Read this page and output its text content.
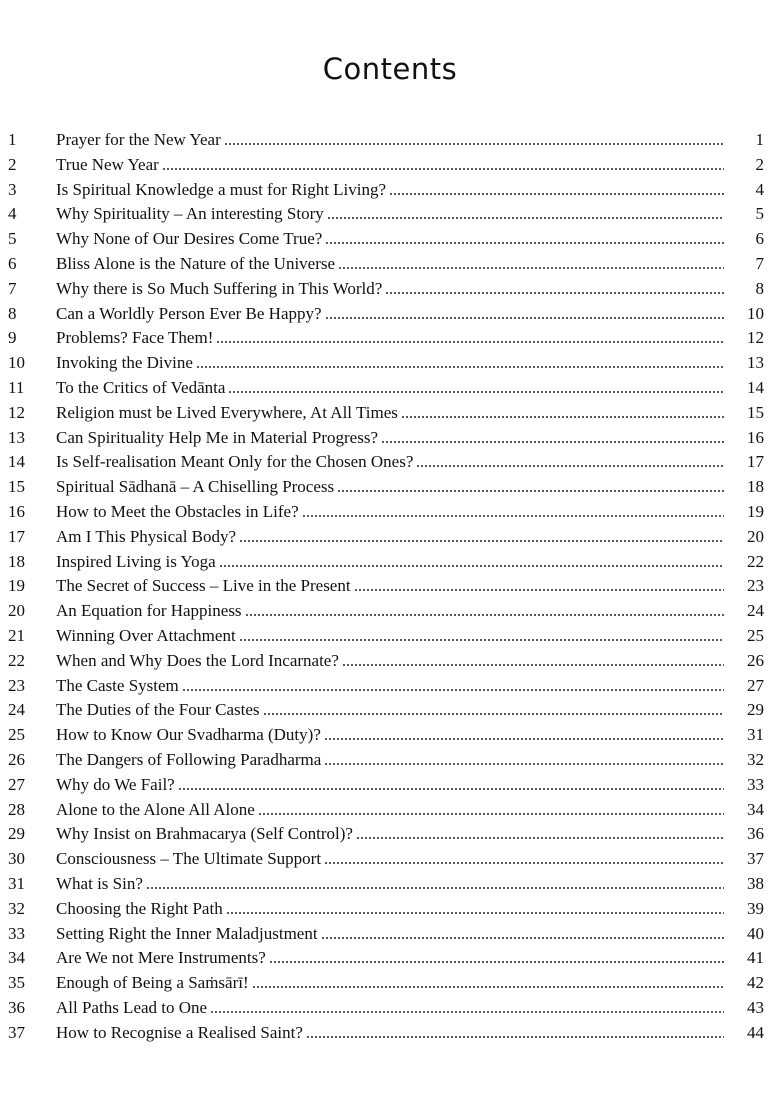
Contents
1 Prayer for the New Year	1
2 True New Year	2
3 Is Spiritual Knowledge a must for Right Living?	4
4 Why Spirituality – An interesting Story	5
5 Why None of Our Desires Come True?	6
6 Bliss Alone is the Nature of the Universe	7
7 Why there is So Much Suffering in This World?	8
8 Can a Worldly Person Ever Be Happy?	10
9 Problems? Face Them!	12
10 Invoking the Divine	13
11 To the Critics of Vedānta	14
12 Religion must be Lived Everywhere, At All Times	15
13 Can Spirituality Help Me in Material Progress?	16
14 Is Self-realisation Meant Only for the Chosen Ones?	17
15 Spiritual Sādhanā – A Chiselling Process	18
16 How to Meet the Obstacles in Life?	19
17 Am I This Physical Body?	20
18 Inspired Living is Yoga	22
19 The Secret of Success – Live in the Present	23
20 An Equation for Happiness	24
21 Winning Over Attachment	25
22 When and Why Does the Lord Incarnate?	26
23 The Caste System	27
24 The Duties of the Four Castes	29
25 How to Know Our Svadharma (Duty)?	31
26 The Dangers of Following Paradharma	32
27 Why do We Fail?	33
28 Alone to the Alone All Alone	34
29 Why Insist on Brahmacarya (Self Control)?	36
30 Consciousness – The Ultimate Support	37
31 What is Sin?	38
32 Choosing the Right Path	39
33 Setting Right the Inner Maladjustment	40
34 Are We not Mere Instruments?	41
35 Enough of Being a Saṁsārī!	42
36 All Paths Lead to One	43
37 How to Recognise a Realised Saint?	44
